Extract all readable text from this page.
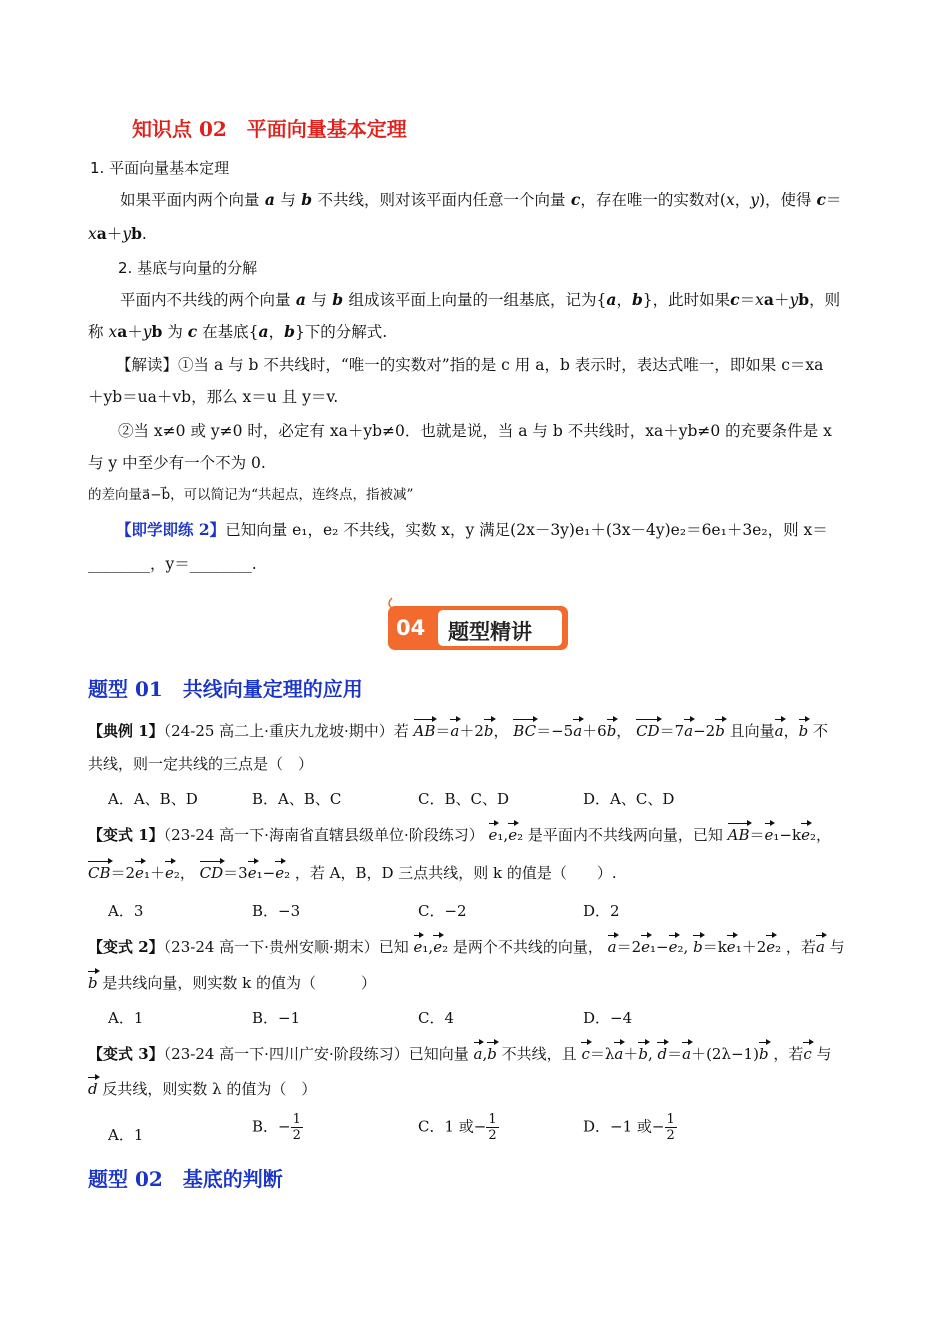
知识点 02　平面向量基本定理
1. 平面向量基本定理
如果平面内两个向量 a 与 b 不共线，则对该平面内任意一个向量 c，存在唯一的实数对(x，y)，使得 c＝
xa＋yb.
2. 基底与向量的分解
平面内不共线的两个向量 a 与 b 组成该平面上向量的一组基底，记为{a，b}，此时如果c＝xa＋yb，则
称 xa＋yb 为 c 在基底{a，b}下的分解式.
【解读】①当 a 与 b 不共线时，“唯一的实数对”指的是 c 用 a，b 表示时，表达式唯一，即如果 c＝xa
＋yb＝ua＋vb，那么 x＝u 且 y＝v.
②当 x≠0 或 y≠0 时，必定有 xa＋yb≠0．也就是说，当 a 与 b 不共线时，xa＋yb≠0 的充要条件是 x
与 y 中至少有一个不为 0.
的差向量a⃗−b⃗，可以简记为“共起点，连终点，指被减”
【即学即练 2】已知向量 e₁，e₂ 不共线，实数 x，y 满足(2x－3y)e₁＋(3x－4y)e₂＝6e₁＋3e₂，则 x＝
________，y＝________.
04 题型精讲
题型 01　共线向量定理的应用
【典例 1】（24-25 高二上·重庆九龙坡·期中）若 AB＝a＋2b， BC＝−5a＋6b， CD＝7a−2b 且向量a，b 不
共线，则一定共线的三点是（　）
A．A、B、D	B．A、B、C	C．B、C、D	D．A、C、D
【变式 1】（23-24 高一下·海南省直辖县级单位·阶段练习） e₁,e₂ 是平面内不共线两向量，已知 AB＝e₁−ke₂，
CB＝2e₁＋e₂， CD＝3e₁−e₂ ，若 A，B，D 三点共线，则 k 的值是（　　）.
A．3	B．−3	C．−2	D．2
【变式 2】（23-24 高一下·贵州安顺·期末）已知 e₁,e₂ 是两个不共线的向量， a＝2e₁−e₂, b＝ke₁＋2e₂ ，若a 与
b 是共线向量，则实数 k 的值为（　　　）
A．1	B．−1	C．4	D．−4
【变式 3】（23-24 高一下·四川广安·阶段练习）已知向量 a,b 不共线，且 c＝λa＋b, d＝a＋(2λ−1)b ，若c 与
d 反共线，则实数 λ 的值为（　）
A．1	B．− $\frac{1}{2}$	C．1 或− $\frac{1}{2}$	D．−1 或− $\frac{1}{2}$
题型 02　基底的判断
